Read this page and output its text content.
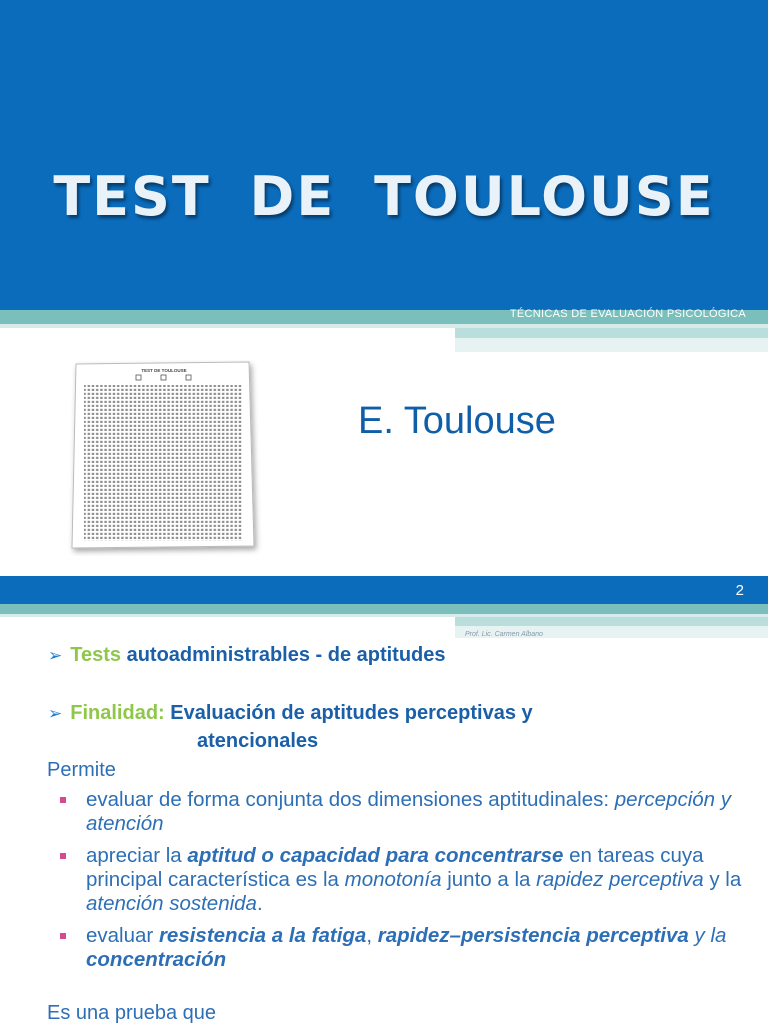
TEST DE TOULOUSE
TÉCNICAS DE EVALUACIÓN PSICOLÓGICA
TEST DE TOULOUSE
E. Toulouse
2
Prof. Lic. Carmen Albano
➢ Tests autoadministrables - de aptitudes
➢ Finalidad: Evaluación de aptitudes perceptivas y
atencionales
Permite
evaluar de forma conjunta dos dimensiones aptitudinales: percepción y atención
apreciar la aptitud o capacidad para concentrarse en tareas cuya principal característica es la monotonía junto a la rapidez perceptiva y la atención sostenida.
evaluar resistencia a la fatiga, rapidez–persistencia perceptiva y la concentración
Es una prueba que
